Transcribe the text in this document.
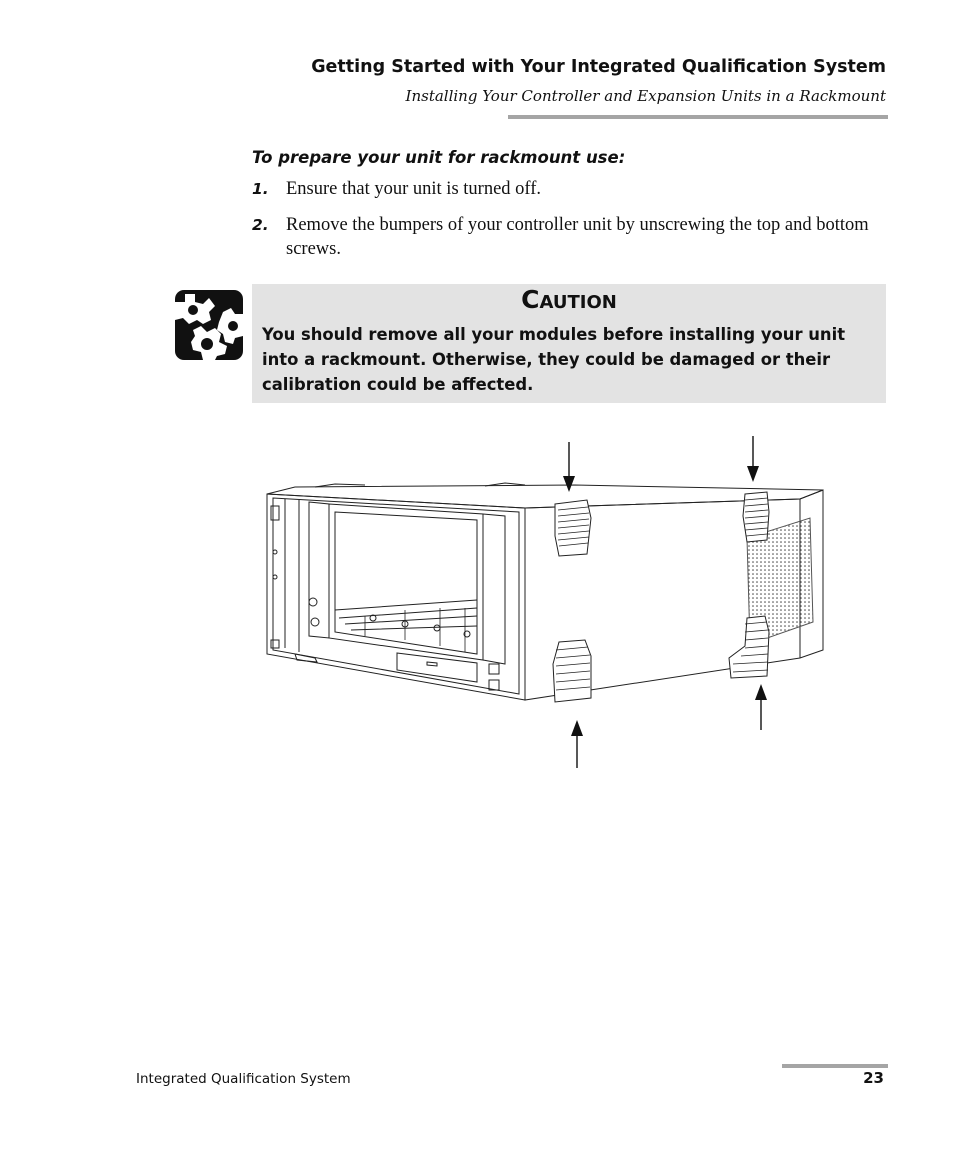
Getting Started with Your Integrated Qualification System
Installing Your Controller and Expansion Units in a Rackmount
To prepare your unit for rackmount use:
1. Ensure that your unit is turned off.
2. Remove the bumpers of your controller unit by unscrewing the top and bottom screws.
Caution
You should remove all your modules before installing your unit into a rackmount. Otherwise, they could be damaged or their calibration could be affected.
Integrated Qualification System	23
